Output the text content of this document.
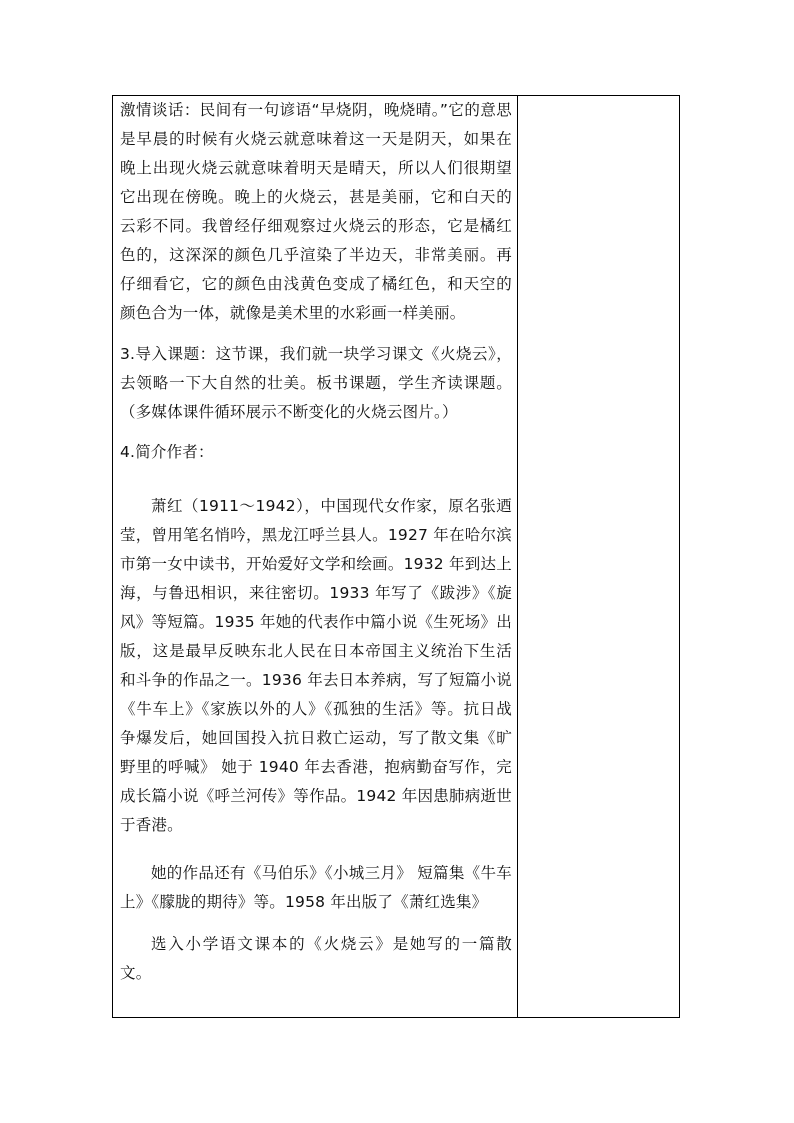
激情谈话：民间有一句谚语“早烧阴，晚烧晴。”它的意思是早晨的时候有火烧云就意味着这一天是阴天，如果在晚上出现火烧云就意味着明天是晴天，所以人们很期望它出现在傍晚。晚上的火烧云，甚是美丽，它和白天的云彩不同。我曾经仔细观察过火烧云的形态，它是橘红色的，这深深的颜色几乎渲染了半边天，非常美丽。再仔细看它，它的颜色由浅黄色变成了橘红色，和天空的颜色合为一体，就像是美术里的水彩画一样美丽。

3.导入课题：这节课，我们就一块学习课文《火烧云》，去领略一下大自然的壮美。板书课题，学生齐读课题。（多媒体课件循环展示不断变化的火烧云图片。）

4.简介作者：

萧红（1911～1942），中国现代女作家，原名张迺莹，曾用笔名悄吟，黑龙江呼兰县人。1927 年在哈尔滨市第一女中读书，开始爱好文学和绘画。1932 年到达上海，与鲁迅相识，来往密切。1933 年写了《跋涉》《旋风》等短篇。1935 年她的代表作中篇小说《生死场》出版，这是最早反映东北人民在日本帝国主义统治下生活和斗争的作品之一。1936 年去日本养病，写了短篇小说 《牛车上》《家族以外的人》《孤独的生活》等。抗日战争爆发后，她回国投入抗日救亡运动，写了散文集《旷野里的呼喊》 她于 1940 年去香港，抱病勤奋写作，完成长篇小说《呼兰河传》等作品。1942 年因患肺病逝世于香港。

她的作品还有《马伯乐》《小城三月》 短篇集《牛车上》《朦胧的期待》等。1958 年出版了《萧红选集》

选入小学语文课本的《火烧云》是她写的一篇散文。
